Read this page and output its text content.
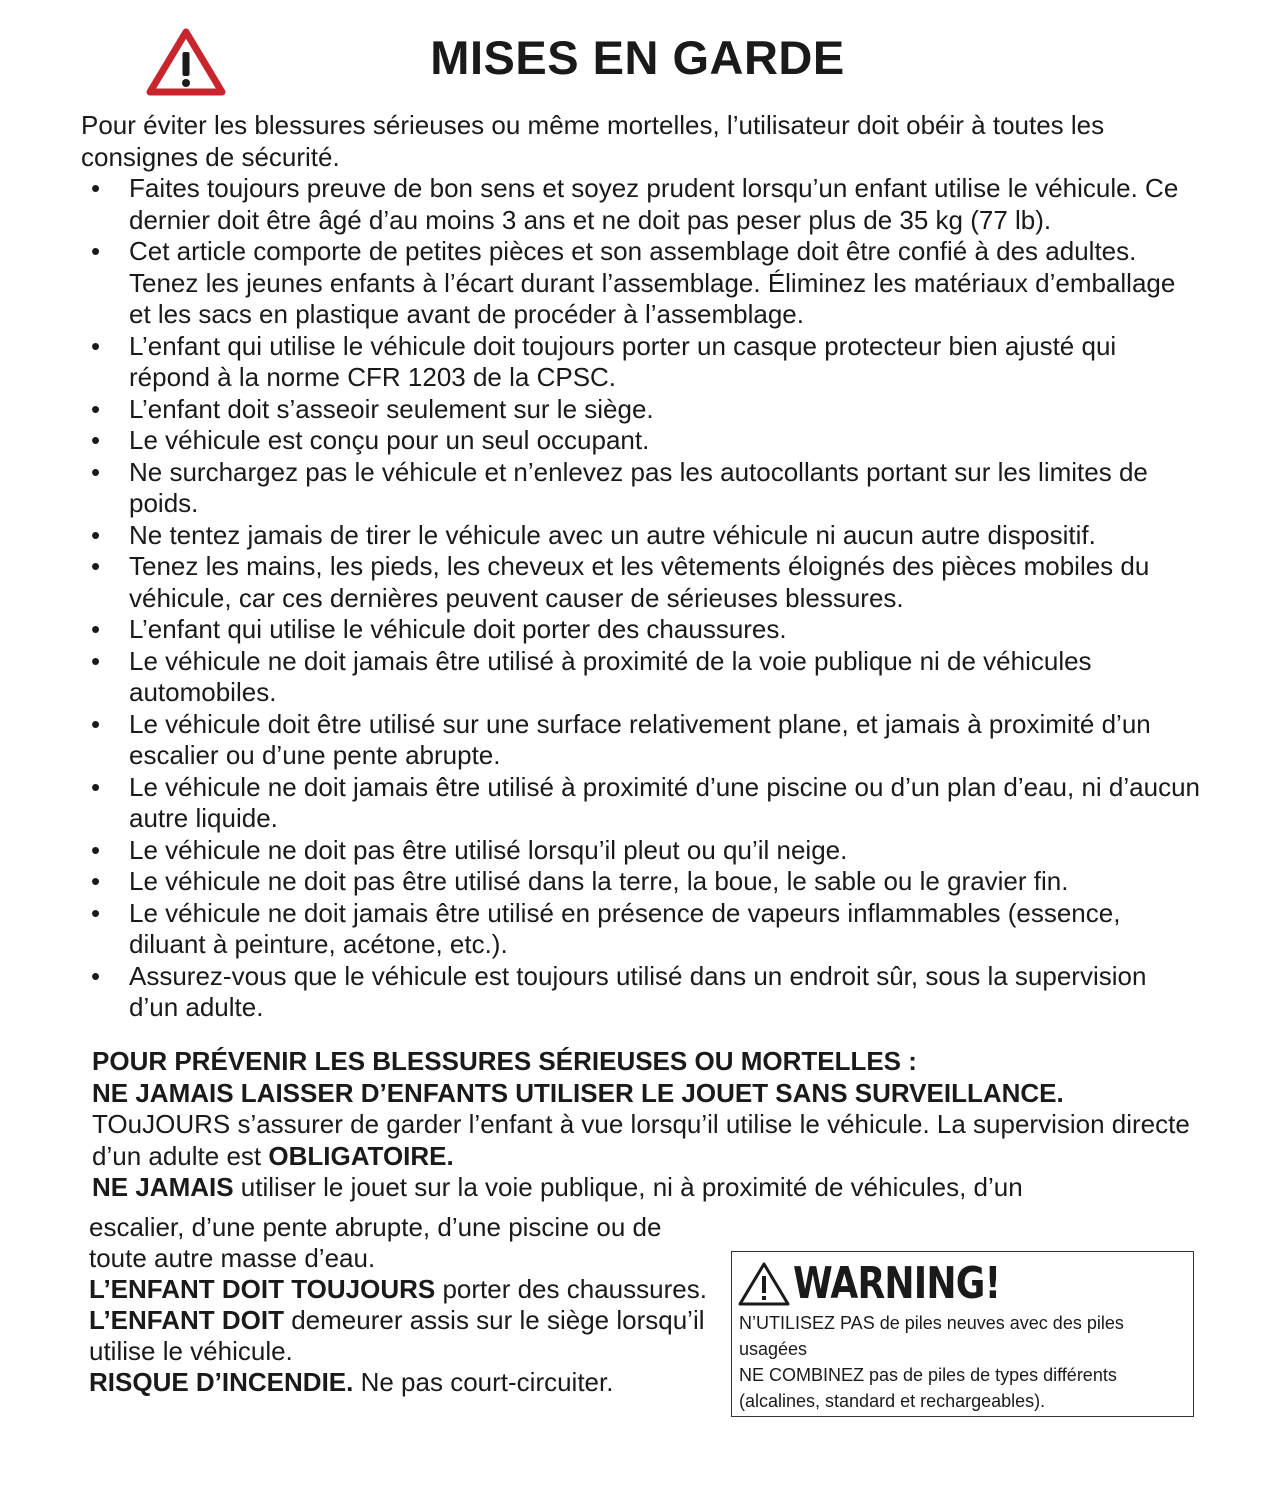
MISES EN GARDE
Pour éviter les blessures sérieuses ou même mortelles, l’utilisateur doit obéir à toutes les consignes de sécurité.
• Faites toujours preuve de bon sens et soyez prudent lorsqu’un enfant utilise le véhicule. Ce dernier doit être âgé d’au moins 3 ans et ne doit pas peser plus de 35 kg (77 lb).
• Cet article comporte de petites pièces et son assemblage doit être confié à des adultes. Tenez les jeunes enfants à l’écart durant l’assemblage. Éliminez les matériaux d’emballage et les sacs en plastique avant de procéder à l’assemblage.
• L’enfant qui utilise le véhicule doit toujours porter un casque protecteur bien ajusté qui répond à la norme CFR 1203 de la CPSC.
• L’enfant doit s’asseoir seulement sur le siège.
• Le véhicule est conçu pour un seul occupant.
• Ne surchargez pas le véhicule et n’enlevez pas les autocollants portant sur les limites de poids.
• Ne tentez jamais de tirer le véhicule avec un autre véhicule ni aucun autre dispositif.
• Tenez les mains, les pieds, les cheveux et les vêtements éloignés des pièces mobiles du véhicule, car ces dernières peuvent causer de sérieuses blessures.
• L’enfant qui utilise le véhicule doit porter des chaussures.
• Le véhicule ne doit jamais être utilisé à proximité de la voie publique ni de véhicules automobiles.
• Le véhicule doit être utilisé sur une surface relativement plane, et jamais à proximité d’un escalier ou d’une pente abrupte.
• Le véhicule ne doit jamais être utilisé à proximité d’une piscine ou d’un plan d’eau, ni d’aucun autre liquide.
• Le véhicule ne doit pas être utilisé lorsqu’il pleut ou qu’il neige.
• Le véhicule ne doit pas être utilisé dans la terre, la boue, le sable ou le gravier fin.
• Le véhicule ne doit jamais être utilisé en présence de vapeurs inflammables (essence, diluant à peinture, acétone, etc.).
• Assurez-vous que le véhicule est toujours utilisé dans un endroit sûr, sous la supervision d’un adulte.
POUR PRÉVENIR LES BLESSURES SÉRIEUSES OU MORTELLES :
NE JAMAIS LAISSER D’ENFANTS UTILISER LE JOUET SANS SURVEILLANCE.
TOuJOURS s’assurer de garder l’enfant à vue lorsqu’il utilise le véhicule. La supervision directe d’un adulte est OBLIGATOIRE.
NE JAMAIS utiliser le jouet sur la voie publique, ni à proximité de véhicules, d’un
escalier, d’une pente abrupte, d’une piscine ou de toute autre masse d’eau.
L’ENFANT DOIT TOUJOURS porter des chaussures.
L’ENFANT DOIT demeurer assis sur le siège lorsqu’il utilise le véhicule.
RISQUE D’INCENDIE. Ne pas court-circuiter.
WARNING!
N’UTILISEZ PAS de piles neuves avec des piles usagées
NE COMBINEZ pas de piles de types différents (alcalines, standard et rechargeables).
